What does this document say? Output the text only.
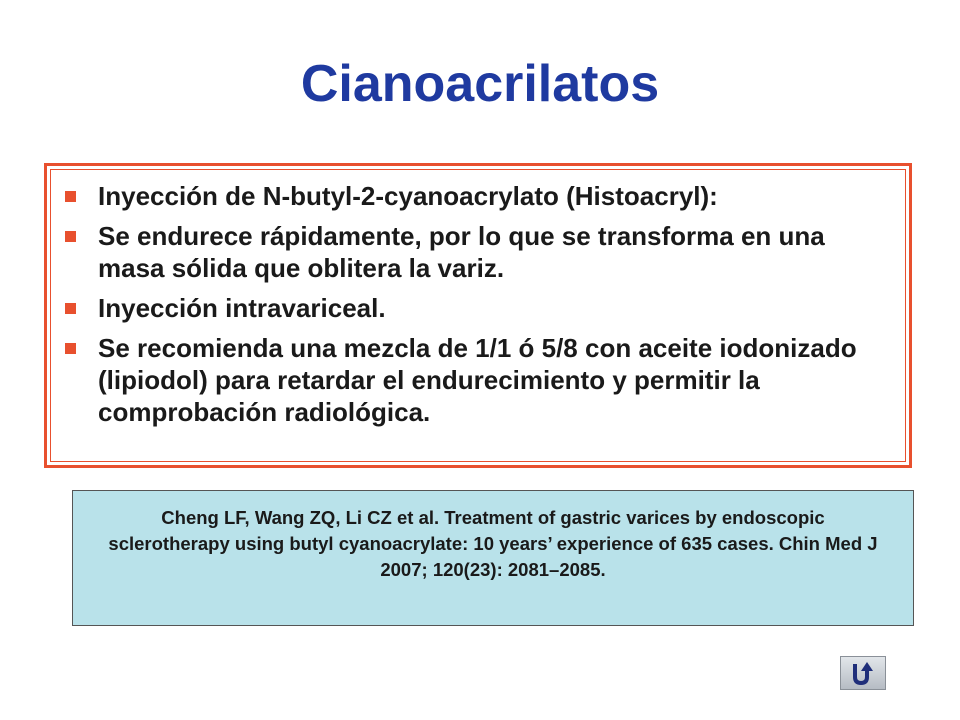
Cianoacrilatos
Inyección de N-butyl-2-cyanoacrylato (Histoacryl):
Se endurece rápidamente, por lo que se transforma en una masa sólida que oblitera la variz.
Inyección intravariceal.
Se recomienda una mezcla de 1/1 ó 5/8 con aceite iodonizado (lipiodol) para retardar el endurecimiento y permitir la comprobación radiológica.
Cheng LF, Wang ZQ, Li CZ et al. Treatment of gastric varices by endoscopic sclerotherapy using butyl cyanoacrylate: 10 years’ experience of 635 cases. Chin Med J 2007; 120(23): 2081–2085.
